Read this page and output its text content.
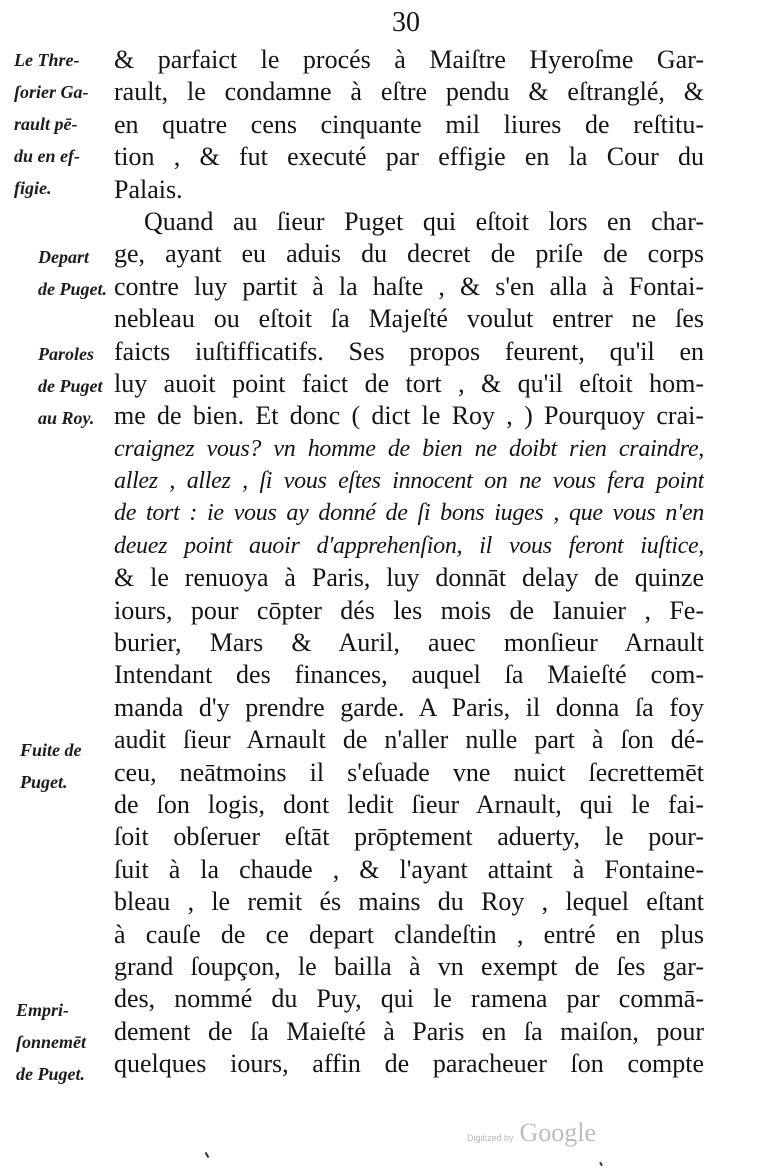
30
Le Thre-
ſorier Ga-
rault pē-
du en ef-
figie.
Depart
de Puget.
Paroles
de Puget
au Roy.
Fuite de
Puget.
Empri-
ſonnemēt
de Puget.
& parfaict le procés à Maiſtre Hyeroſme Gar-
rault, le condamne à eſtre pendu & eſtranglé, &
en quatre cens cinquante mil liures de reſtitu-
tion , & fut executé par effigie en la Cour du
Palais.
Quand au ſieur Puget qui eſtoit lors en char-
ge, ayant eu aduis du decret de priſe de corps
contre luy partit à la haſte , & s'en alla à Fontai-
nebleau ou eſtoit ſa Majeſté voulut entrer ne ſes
faicts iuſtifficatifs. Ses propos feurent, qu'il en
luy auoit point faict de tort , & qu'il eſtoit hom-
me de bien. Et donc ( dict le Roy , ) Pourquoy crai-
craignez vous? vn homme de bien ne doibt rien craindre,
allez , allez , ſi vous eſtes innocent on ne vous fera point
de tort : ie vous ay donné de ſi bons iuges , que vous n'en
deuez point auoir d'apprehenſion, il vous feront iuſtice,
& le renuoya à Paris, luy donnāt delay de quinze
iours, pour cōpter dés les mois de Ianuier , Fe-
burier, Mars & Auril, auec monſieur Arnault
Intendant des finances, auquel ſa Maieſté com-
manda d'y prendre garde. A Paris, il donna ſa foy
audit ſieur Arnault de n'aller nulle part à ſon dé-
ceu, neātmoins il s'eſuade vne nuict ſecrettemēt
de ſon logis, dont ledit ſieur Arnault, qui le fai-
ſoit obſeruer eſtāt prōptement aduerty, le pour-
ſuit à la chaude , & l'ayant attaint à Fontaine-
bleau , le remit és mains du Roy , lequel eſtant
à cauſe de ce depart clandeſtin , entré en plus
grand ſoupçon, le bailla à vn exempt de ſes gar-
des, nommé du Puy, qui le ramena par commā-
dement de ſa Maieſté à Paris en ſa maiſon, pour
quelques iours, affin de paracheuer ſon compte
Digitized by Google
